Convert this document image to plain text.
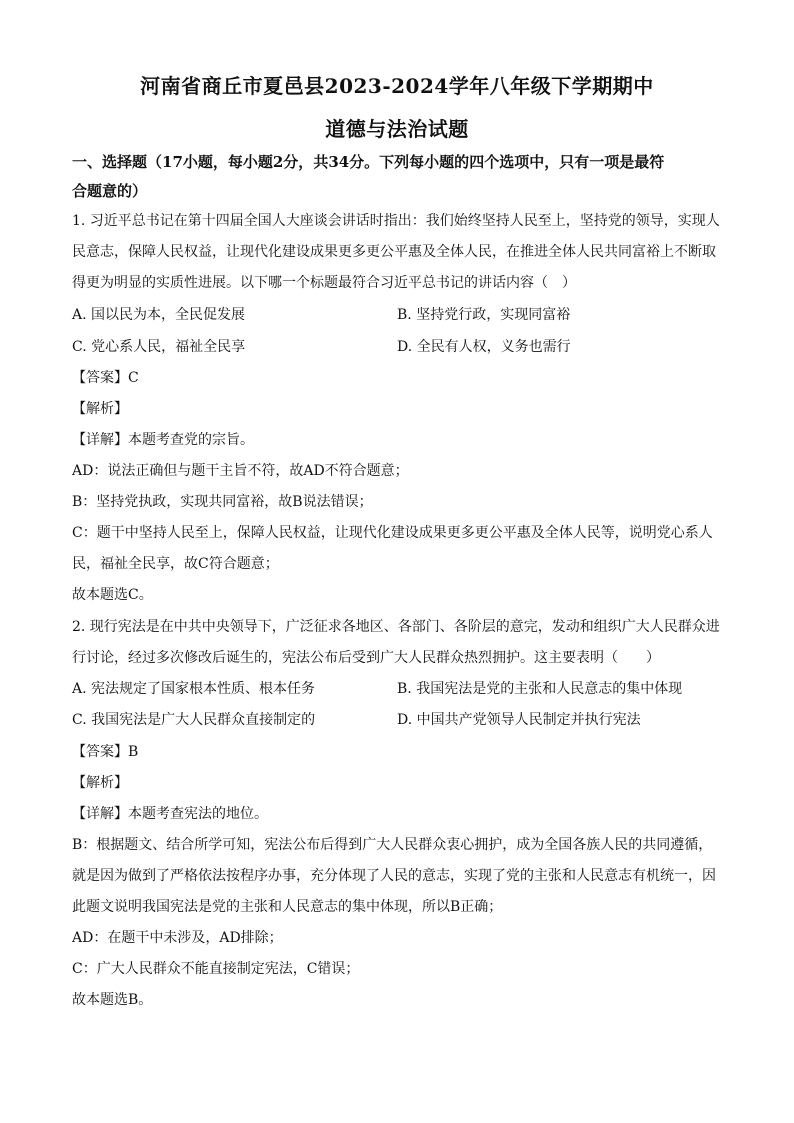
河南省商丘市夏邑县2023-2024学年八年级下学期期中
道德与法治试题
一、选择题（17小题，每小题2分，共34分。下列每小题的四个选项中，只有一项是最符
合题意的）
1. 习近平总书记在第十四届全国人大座谈会讲话时指出：我们始终坚持人民至上，坚持党的领导，实现人
民意志，保障人民权益，让现代化建设成果更多更公平惠及全体人民，在推进全体人民共同富裕上不断取
得更为明显的实质性进展。以下哪一个标题最符合习近平总书记的讲话内容（　）
A. 国以民为本，全民促发展	B. 坚持党行政，实现同富裕
C. 党心系人民，福祉全民享	D. 全民有人权，义务也需行
【答案】C
【解析】
【详解】本题考查党的宗旨。
AD：说法正确但与题干主旨不符，故AD不符合题意；
B：坚持党执政，实现共同富裕，故B说法错误；
C：题干中坚持人民至上，保障人民权益，让现代化建设成果更多更公平惠及全体人民等，说明党心系人
民，福祉全民享，故C符合题意；
故本题选C。
2. 现行宪法是在中共中央领导下，广泛征求各地区、各部门、各阶层的意完，发动和组织广大人民群众进
行讨论，经过多次修改后诞生的，宪法公布后受到广大人民群众热烈拥护。这主要表明（　　）
A. 宪法规定了国家根本性质、根本任务	B. 我国宪法是党的主张和人民意志的集中体现
C. 我国宪法是广大人民群众直接制定的	D. 中国共产党领导人民制定并执行宪法
【答案】B
【解析】
【详解】本题考查宪法的地位。
B：根据题文、结合所学可知，宪法公布后得到广大人民群众衷心拥护，成为全国各族人民的共同遵循，
就是因为做到了严格依法按程序办事，充分体现了人民的意志，实现了党的主张和人民意志有机统一，因
此题文说明我国宪法是党的主张和人民意志的集中体现，所以B正确；
AD：在题干中未涉及，AD排除；
C：广大人民群众不能直接制定宪法，C错误；
故本题选B。
